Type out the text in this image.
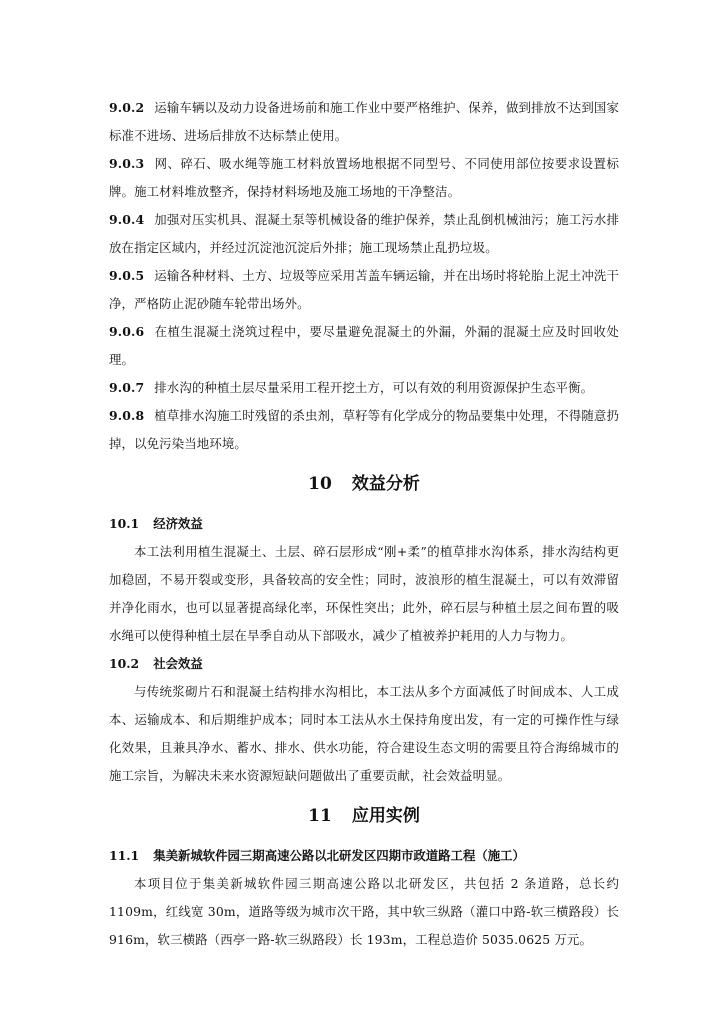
9.0.2 运输车辆以及动力设备进场前和施工作业中要严格维护、保养，做到排放不达到国家标准不进场、进场后排放不达标禁止使用。

9.0.3 网、碎石、吸水绳等施工材料放置场地根据不同型号、不同使用部位按要求设置标牌。施工材料堆放整齐，保持材料场地及施工场地的干净整洁。

9.0.4 加强对压实机具、混凝土泵等机械设备的维护保养，禁止乱倒机械油污；施工污水排放在指定区域内，并经过沉淀池沉淀后外排；施工现场禁止乱扔垃圾。

9.0.5 运输各种材料、土方、垃圾等应采用苫盖车辆运输，并在出场时将轮胎上泥土冲洗干净，严格防止泥砂随车轮带出场外。

9.0.6 在植生混凝土浇筑过程中，要尽量避免混凝土的外漏，外漏的混凝土应及时回收处理。

9.0.7 排水沟的种植土层尽量采用工程开挖土方，可以有效的利用资源保护生态平衡。

9.0.8 植草排水沟施工时残留的杀虫剂，草籽等有化学成分的物品要集中处理，不得随意扔掉，以免污染当地环境。

10 效益分析
10.1 经济效益

本工法利用植生混凝土、土层、碎石层形成“刚+柔”的植草排水沟体系，排水沟结构更加稳固，不易开裂或变形，具备较高的安全性；同时，波浪形的植生混凝土，可以有效滞留并净化雨水，也可以显著提高绿化率，环保性突出；此外，碎石层与种植土层之间布置的吸水绳可以使得种植土层在旱季自动从下部吸水，减少了植被养护耗用的人力与物力。

10.2 社会效益

与传统浆砌片石和混凝土结构排水沟相比，本工法从多个方面减低了时间成本、人工成本、运输成本、和后期维护成本；同时本工法从水土保持角度出发，有一定的可操作性与绿化效果，且兼具净水、蓄水、排水、供水功能，符合建设生态文明的需要且符合海绵城市的施工宗旨，为解决未来水资源短缺问题做出了重要贡献，社会效益明显。

11 应用实例
11.1 集美新城软件园三期高速公路以北研发区四期市政道路工程（施工）

本项目位于集美新城软件园三期高速公路以北研发区，共包括 2 条道路，总长约 1109m，红线宽 30m，道路等级为城市次干路，其中软三纵路（灌口中路-软三横路段）长 916m，软三横路（西亭一路-软三纵路段）长 193m，工程总造价 5035.0625 万元。
